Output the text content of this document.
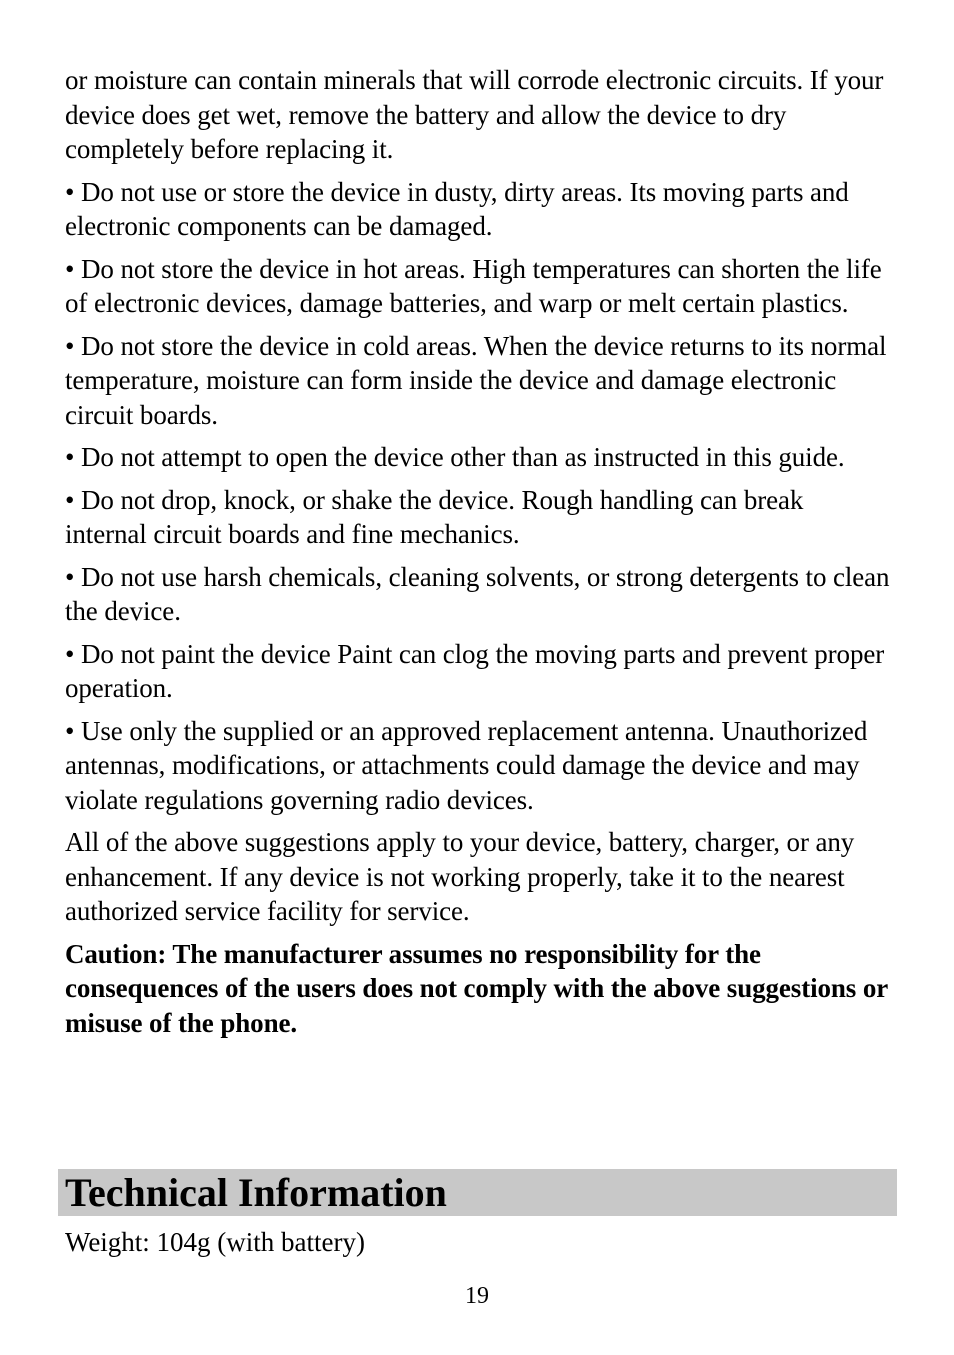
or moisture can contain minerals that will corrode electronic circuits. If your device does get wet, remove the battery and allow the device to dry completely before replacing it.

• Do not use or store the device in dusty, dirty areas. Its moving parts and electronic components can be damaged.

• Do not store the device in hot areas. High temperatures can shorten the life of electronic devices, damage batteries, and warp or melt certain plastics.

• Do not store the device in cold areas. When the device returns to its normal temperature, moisture can form inside the device and damage electronic circuit boards.

• Do not attempt to open the device other than as instructed in this guide.

• Do not drop, knock, or shake the device. Rough handling can break internal circuit boards and fine mechanics.

• Do not use harsh chemicals, cleaning solvents, or strong detergents to clean the device.

• Do not paint the device Paint can clog the moving parts and prevent proper operation.

• Use only the supplied or an approved replacement antenna. Unauthorized antennas, modifications, or attachments could damage the device and may violate regulations governing radio devices.

All of the above suggestions apply to your device, battery, charger, or any enhancement. If any device is not working properly, take it to the nearest authorized service facility for service.

Caution: The manufacturer assumes no responsibility for the consequences of the users does not comply with the above suggestions or misuse of the phone.

Technical Information

Weight: 104g (with battery)

19
